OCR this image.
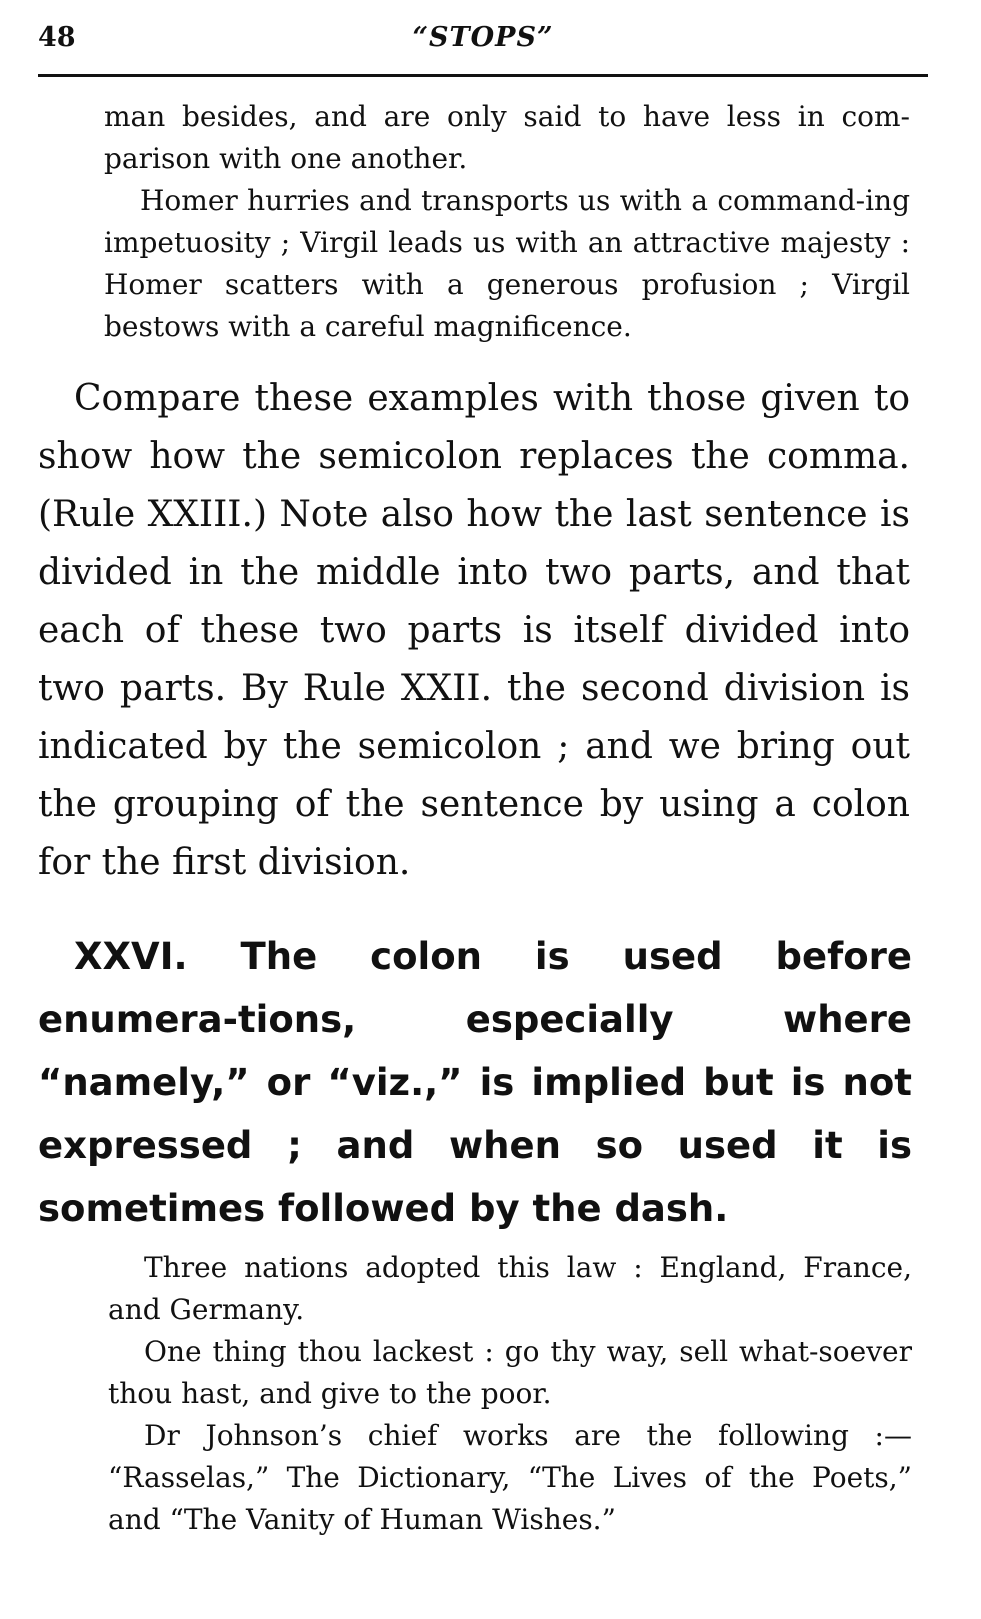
48	“STOPS”

man besides, and are only said to have less in com-parison with one another.

Homer hurries and transports us with a command-ing impetuosity ; Virgil leads us with an attractive majesty : Homer scatters with a generous profusion ; Virgil bestows with a careful magnificence.

Compare these examples with those given to show how the semicolon replaces the comma. (Rule XXIII.) Note also how the last sentence is divided in the middle into two parts, and that each of these two parts is itself divided into two parts. By Rule XXII. the second division is indicated by the semicolon ; and we bring out the grouping of the sentence by using a colon for the first division.

XXVI. The colon is used before enumera-tions, especially where “namely,” or “viz.,” is implied but is not expressed ; and when so used it is sometimes followed by the dash.

Three nations adopted this law : England, France, and Germany.

One thing thou lackest : go thy way, sell what-soever thou hast, and give to the poor.

Dr Johnson’s chief works are the following :— “Rasselas,” The Dictionary, “The Lives of the Poets,” and “The Vanity of Human Wishes.”
